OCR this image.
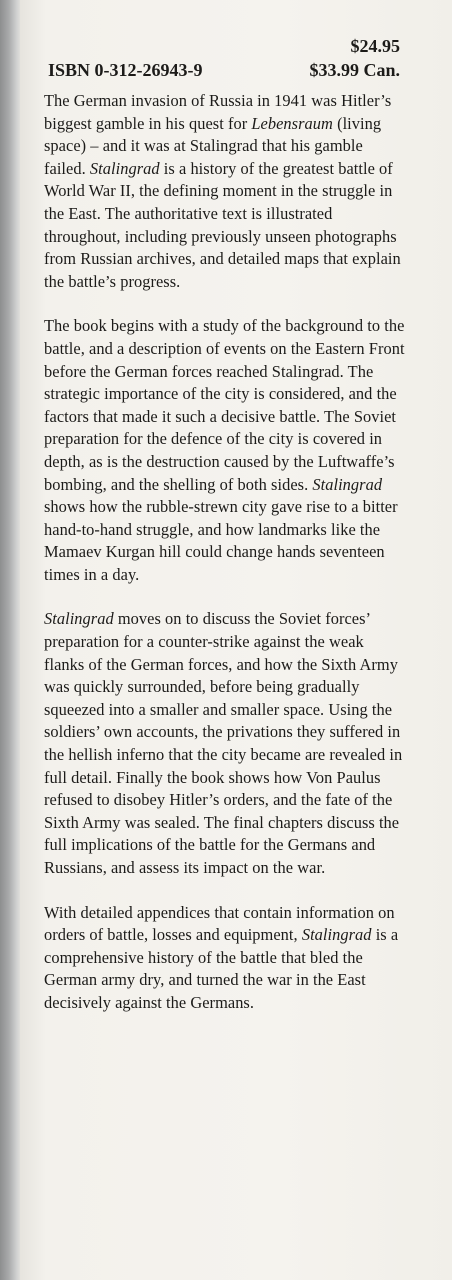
$24.95
$33.99 Can.
ISBN 0-312-26943-9

The German invasion of Russia in 1941 was Hitler’s biggest gamble in his quest for Lebensraum (living space) – and it was at Stalingrad that his gamble failed. Stalingrad is a history of the greatest battle of World War II, the defining moment in the struggle in the East. The authoritative text is illustrated throughout, including previously unseen photographs from Russian archives, and detailed maps that explain the battle’s progress.

The book begins with a study of the background to the battle, and a description of events on the Eastern Front before the German forces reached Stalingrad. The strategic importance of the city is considered, and the factors that made it such a decisive battle. The Soviet preparation for the defence of the city is covered in depth, as is the destruction caused by the Luftwaffe’s bombing, and the shelling of both sides. Stalingrad shows how the rubble-strewn city gave rise to a bitter hand-to-hand struggle, and how landmarks like the Mamaev Kurgan hill could change hands seventeen times in a day.

Stalingrad moves on to discuss the Soviet forces’ preparation for a counter-strike against the weak flanks of the German forces, and how the Sixth Army was quickly surrounded, before being gradually squeezed into a smaller and smaller space. Using the soldiers’ own accounts, the privations they suffered in the hellish inferno that the city became are revealed in full detail. Finally the book shows how Von Paulus refused to disobey Hitler’s orders, and the fate of the Sixth Army was sealed. The final chapters discuss the full implications of the battle for the Germans and Russians, and assess its impact on the war.

With detailed appendices that contain information on orders of battle, losses and equipment, Stalingrad is a comprehensive history of the battle that bled the German army dry, and turned the war in the East decisively against the Germans.
